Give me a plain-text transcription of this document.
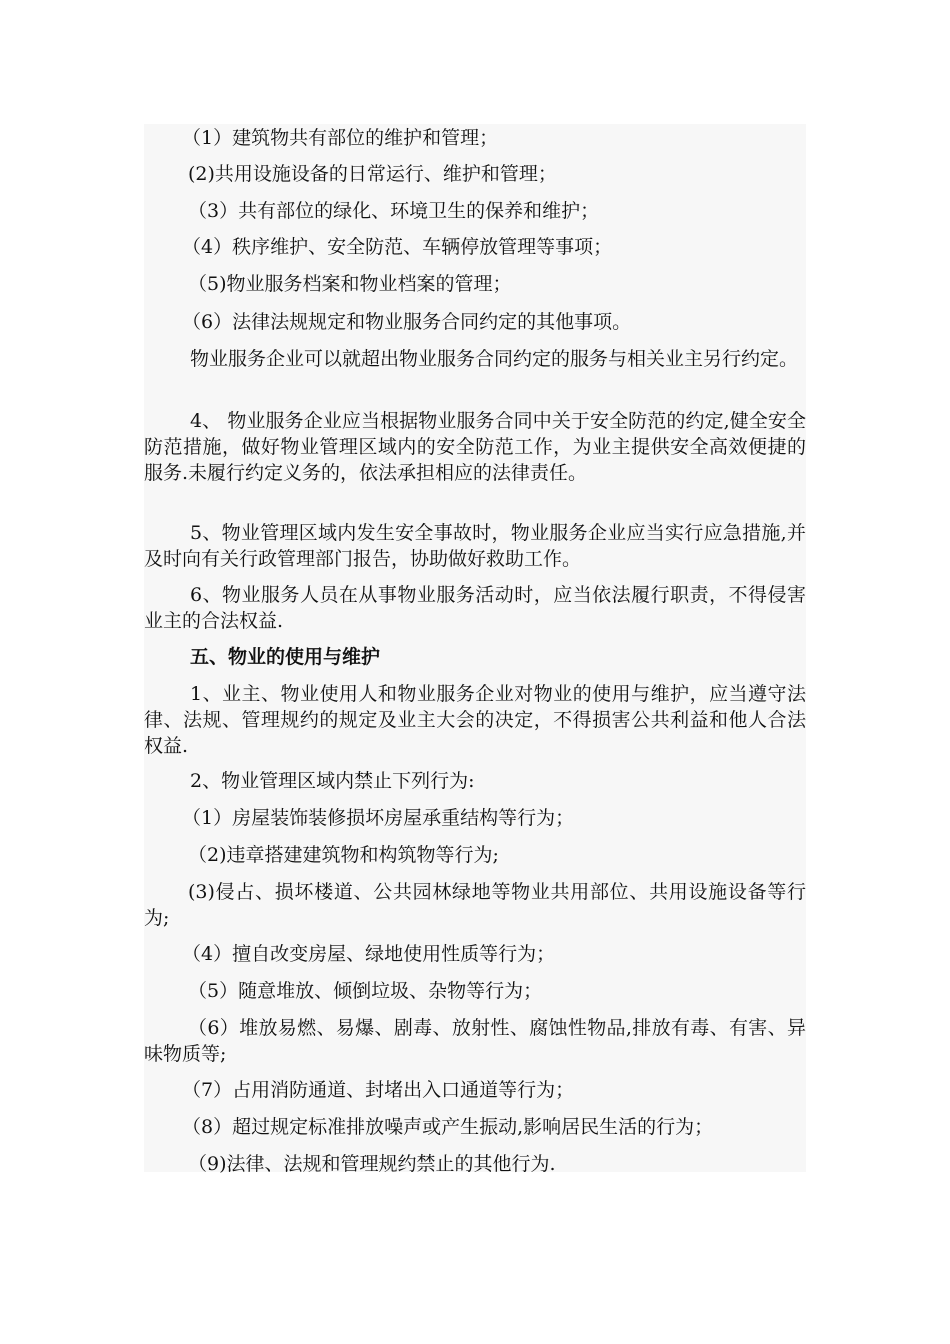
（1）建筑物共有部位的维护和管理；
(2)共用设施设备的日常运行、维护和管理；
（3）共有部位的绿化、环境卫生的保养和维护；
（4）秩序维护、安全防范、车辆停放管理等事项；
（5)物业服务档案和物业档案的管理；
（6）法律法规规定和物业服务合同约定的其他事项。
物业服务企业可以就超出物业服务合同约定的服务与相关业主另行约定。
4、 物业服务企业应当根据物业服务合同中关于安全防范的约定,健全安全防范措施，做好物业管理区域内的安全防范工作，为业主提供安全高效便捷的服务.未履行约定义务的，依法承担相应的法律责任。
5、物业管理区域内发生安全事故时，物业服务企业应当实行应急措施,并及时向有关行政管理部门报告，协助做好救助工作。
6、物业服务人员在从事物业服务活动时，应当依法履行职责，不得侵害业主的合法权益.
五、物业的使用与维护
1、业主、物业使用人和物业服务企业对物业的使用与维护，应当遵守法律、法规、管理规约的规定及业主大会的决定，不得损害公共利益和他人合法权益.
2、物业管理区域内禁止下列行为:
（1）房屋装饰装修损坏房屋承重结构等行为；
（2)违章搭建建筑物和构筑物等行为;
(3)侵占、损坏楼道、公共园林绿地等物业共用部位、共用设施设备等行为;
（4）擅自改变房屋、绿地使用性质等行为；
（5）随意堆放、倾倒垃圾、杂物等行为；
（6）堆放易燃、易爆、剧毒、放射性、腐蚀性物品,排放有毒、有害、异味物质等;
（7）占用消防通道、封堵出入口通道等行为；
（8）超过规定标准排放噪声或产生振动,影响居民生活的行为；
（9)法律、法规和管理规约禁止的其他行为.
